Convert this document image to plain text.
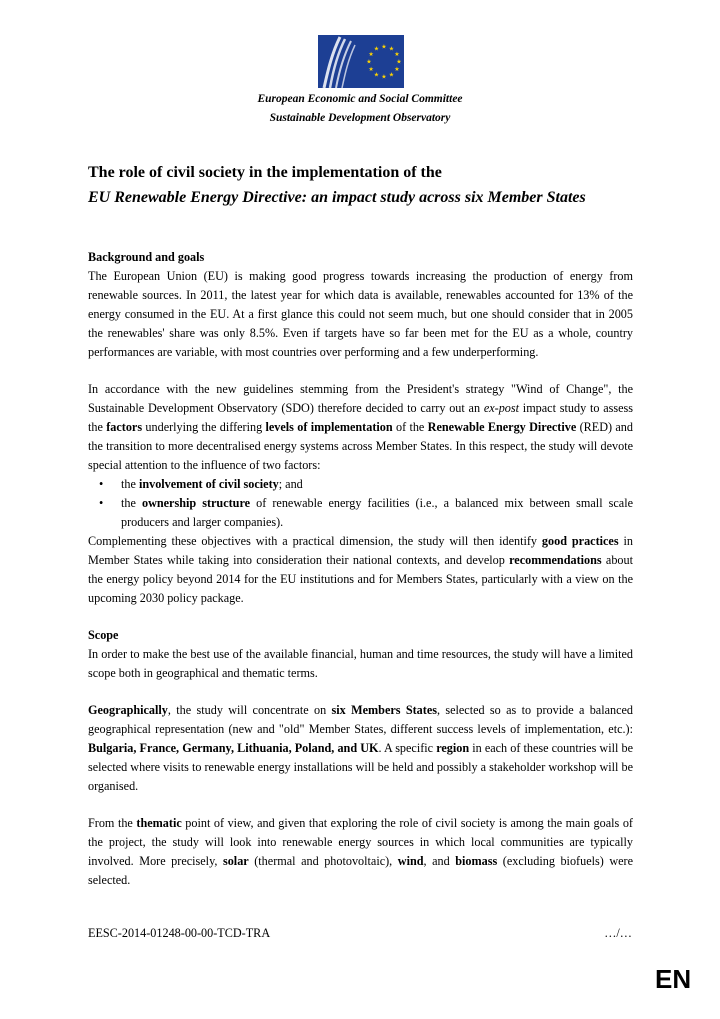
★ ★
★
★
★
★
★
★
★
★
★
★
European Economic and Social Committee
Sustainable Development Observatory
The role of civil society in the implementation of the
EU Renewable Energy Directive: an impact study across six Member States

Background and goals

The European Union (EU) is making good progress towards increasing the production of energy from renewable sources. In 2011, the latest year for which data is available, renewables accounted for 13% of the energy consumed in the EU. At a first glance this could not seem much, but one should consider that in 2005 the renewables' share was only 8.5%. Even if targets have so far been met for the EU as a whole, country performances are variable, with most countries over performing and a few underperforming.

In accordance with the new guidelines stemming from the President's strategy "Wind of Change", the Sustainable Development Observatory (SDO) therefore decided to carry out an ex-post impact study to assess the factors underlying the differing levels of implementation of the Renewable Energy Directive (RED) and the transition to more decentralised energy systems across Member States. In this respect, the study will devote special attention to the influence of two factors:

•	the involvement of civil society; and
•	the ownership structure of renewable energy facilities (i.e., a balanced mix between small scale producers and larger companies).

Complementing these objectives with a practical dimension, the study will then identify good practices in Member States while taking into consideration their national contexts, and develop recommendations about the energy policy beyond 2014 for the EU institutions and for Members States, particularly with a view on the upcoming 2030 policy package.

Scope

In order to make the best use of the available financial, human and time resources, the study will have a limited scope both in geographical and thematic terms.

Geographically, the study will concentrate on six Members States, selected so as to provide a balanced geographical representation (new and "old" Member States, different success levels of implementation, etc.): Bulgaria, France, Germany, Lithuania, Poland, and UK. A specific region in each of these countries will be selected where visits to renewable energy installations will be held and possibly a stakeholder workshop will be organised.

From the thematic point of view, and given that exploring the role of civil society is among the main goals of the project, the study will look into renewable energy sources in which local communities are typically involved. More precisely, solar (thermal and photovoltaic), wind, and biomass (excluding biofuels) were selected.

EESC-2014-01248-00-00-TCD-TRA	…/…
EN
